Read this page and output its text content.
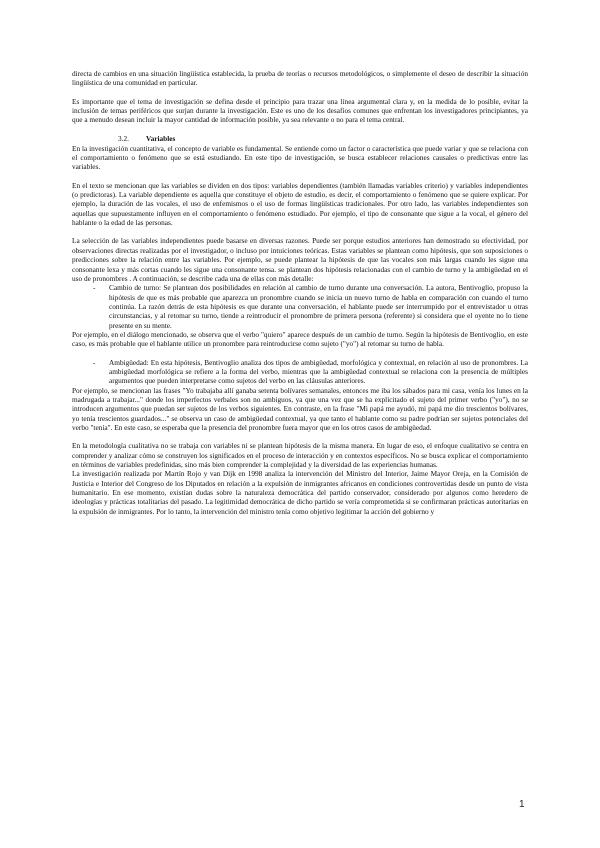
directa de cambios en una situación lingüística establecida, la prueba de teorías o recursos metodológicos, o simplemente el deseo de describir la situación lingüística de una comunidad en particular.

Es importante que el tema de investigación se defina desde el principio para trazar una línea argumental clara y, en la medida de lo posible, evitar la inclusión de temas periféricos que surjan durante la investigación. Este es uno de los desafíos comunes que enfrentan los investigadores principiantes, ya que a menudo desean incluir la mayor cantidad de información posible, ya sea relevante o no para el tema central.

3.2. Variables

En la investigación cuantitativa, el concepto de variable es fundamental. Se entiende como un factor o característica que puede variar y que se relaciona con el comportamiento o fenómeno que se está estudiando. En este tipo de investigación, se busca establecer relaciones causales o predictivas entre las variables.

En el texto se mencionan que las variables se dividen en dos tipos: variables dependientes (también llamadas variables criterio) y variables independientes (o predictoras). La variable dependiente es aquella que constituye el objeto de estudio, es decir, el comportamiento o fenómeno que se quiere explicar. Por ejemplo, la duración de las vocales, el uso de enfemismos o el uso de formas lingüísticas tradicionales. Por otro lado, las variables independientes son aquellas que supuestamente influyen en el comportamiento o fenómeno estudiado. Por ejemplo, el tipo de consonante que sigue a la vocal, el género del hablante o la edad de las personas.

La selección de las variables independientes puede basarse en diversas razones. Puede ser porque estudios anteriores han demostrado su efectividad, por observaciones directas realizadas por el investigador, o incluso por intuiciones teóricas. Estas variables se plantean como hipótesis, que son suposiciones o predicciones sobre la relación entre las variables. Por ejemplo, se puede plantear la hipótesis de que las vocales son más largas cuando les sigue una consonante lexa y más cortas cuando les sigue una consonante tensa. se plantean dos hipótesis relacionadas con el cambio de turno y la ambigüedad en el uso de pronombres . A continuación, se describe cada una de ellas con más detalle:

- Cambio de turno: Se plantean dos posibilidades en relación al cambio de turno durante una conversación. La autora, Bentivoglio, propuso la hipótesis de que es más probable que aparezca un pronombre cuando se inicia un nuevo turno de habla en comparación con cuando el turno continúa. La razón detrás de esta hipótesis es que durante una conversación, el hablante puede ser interrumpido por el entrevistador u otras circunstancias, y al retomar su turno, tiende a reintroducir el pronombre de primera persona (referente) si considera que el oyente no lo tiene presente en su mente.

Por ejemplo, en el diálogo mencionado, se observa que el verbo "quiero" aparece después de un cambio de turno. Según la hipótesis de Bentivoglio, en este caso, es más probable que el hablante utilice un pronombre para reintroducirse como sujeto ("yo") al retomar su turno de habla.

- Ambigüedad: En esta hipótesis, Bentivoglio analiza dos tipos de ambigüedad, morfológica y contextual, en relación al uso de pronombres. La ambigüedad morfológica se refiere a la forma del verbo, mientras que la ambigüedad contextual se relaciona con la presencia de múltiples argumentos que pueden interpretarse como sujetos del verbo en las cláusulas anteriores.

Por ejemplo, se mencionan las frases "Yo trabajaba allí ganaba setenta bolívares semanales, entonces me iba los sábados para mi casa, venía los lunes en la madrugada a trabajar..." donde los imperfectos verbales son no ambiguos, ya que una vez que se ha explicitado el sujeto del primer verbo ("yo"), no se introducen argumentos que puedan ser sujetos de los verbos siguientes. En contraste, en la frase "Mi papá me ayudó, mi papá me dio trescientos bolívares, yo tenía trescientos guardados..." se observa un caso de ambigüedad contextual, ya que tanto el hablante como su padre podrían ser sujetos potenciales del verbo "tenía". En este caso, se esperaba que la presencia del pronombre fuera mayor que en los otros casos de ambigüedad.

En la metodología cualitativa no se trabaja con variables ni se plantean hipótesis de la misma manera. En lugar de eso, el enfoque cualitativo se centra en comprender y analizar cómo se construyen los significados en el proceso de interacción y en contextos específicos. No se busca explicar el comportamiento en términos de variables predefinidas, sino más bien comprender la complejidad y la diversidad de las experiencias humanas.

La investigación realizada por Martín Rojo y van Dijk en 1998 analiza la intervención del Ministro del Interior, Jaime Mayor Oreja, en la Comisión de Justicia e Interior del Congreso de los Diputados en relación a la expulsión de inmigrantes africanos en condiciones controvertidas desde un punto de vista humanitario. En ese momento, existían dudas sobre la naturaleza democrática del partido conservador, considerado por algunos como heredero de ideologías y prácticas totalitarias del pasado. La legitimidad democrática de dicho partido se vería comprometida si se confirmaran prácticas autoritarias en la expulsión de inmigrantes. Por lo tanto, la intervención del ministro tenía como objetivo legitimar la acción del gobierno y

1
